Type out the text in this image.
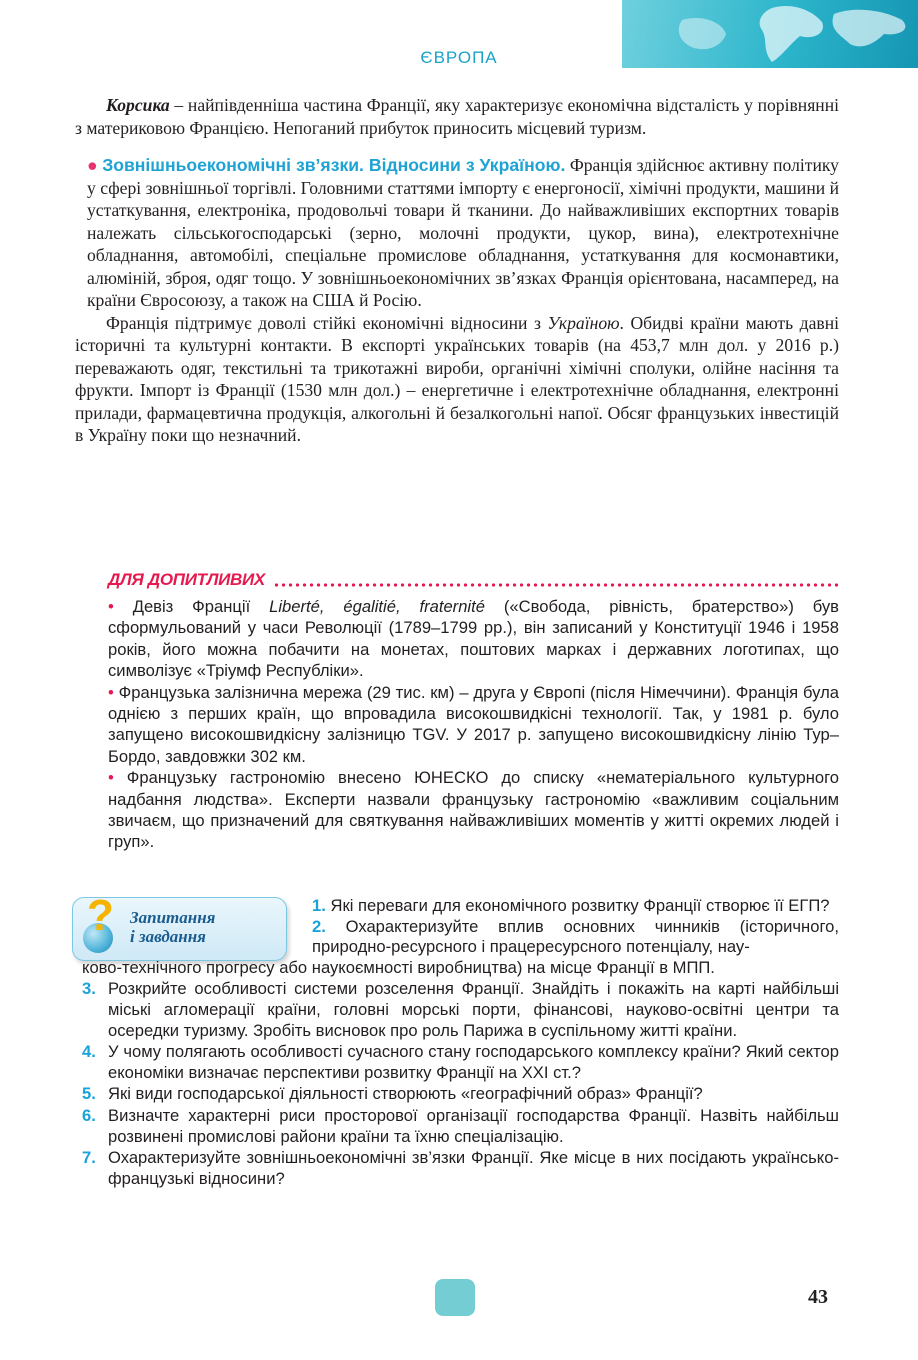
ЄВРОПА

Корсика – найпівденніша частина Франції, яку характеризує економічна відсталість у порівнянні з материковою Францією. Непоганий прибуток приносить місцевий туризм.

● Зовнішньоекономічні зв’язки. Відносини з Україною. Франція здійснює активну політику у сфері зовнішньої торгівлі. Головними статтями імпорту є енергоносії, хімічні продукти, машини й устаткування, електроніка, продовольчі товари й тканини. До найважливіших експортних товарів належать сільськогосподарські (зерно, молочні продукти, цукор, вина), електротехнічне обладнання, автомобілі, спеціальне промислове обладнання, устаткування для космонавтики, алюміній, зброя, одяг тощо. У зовнішньоекономічних зв’язках Франція орієнтована, насамперед, на країни Євросоюзу, а також на США й Росію.

Франція підтримує доволі стійкі економічні відносини з Україною. Обидві країни мають давні історичні та культурні контакти. В експорті українських товарів (на 453,7 млн дол. у 2016 р.) переважають одяг, текстильні та трикотажні вироби, органічні хімічні сполуки, олійне насіння та фрукти. Імпорт із Франції (1530 млн дол.) – енергетичне і електротехнічне обладнання, електронні прилади, фармацевтична продукція, алкогольні й безалкогольні напої. Обсяг французьких інвестицій в Україну поки що незначний.

ДЛЯ ДОПИТЛИВИХ

• Девіз Франції Liberté, égalitié, fraternité («Свобода, рівність, братерство») був сформульований у часи Революції (1789–1799 рр.), він записаний у Конституції 1946 і 1958 років, його можна побачити на монетах, поштових марках і державних логотипах, що символізує «Тріумф Республіки».

• Французька залізнична мережа (29 тис. км) – друга у Європі (після Німеччини). Франція була однією з перших країн, що впровадила високошвидкісні технології. Так, у 1981 р. було запущено високошвидкісну залізницю TGV. У 2017 р. запущено високошвидкісну лінію Тур–Бордо, завдовжки 302 км.

• Французьку гастрономію внесено ЮНЕСКО до списку «нематеріального культурного надбання людства». Експерти назвали французьку гастрономію «важливим соціальним звичаєм, що призначений для святкування найважливіших моментів у житті окремих людей і груп».

? Запитання
і завдання
1. Які переваги для економічного розвитку Франції створює її ЕГП?
2. Охарактеризуйте вплив основних чинників (історичного, природно-ресурсного і працересурсного потенціалу, нау-
ково-технічного прогресу або наукоємності виробництва) на місце Франції в МПП.
3. Розкрийте особливості системи розселення Франції. Знайдіть і покажіть на карті найбільші міські агломерації країни, головні морські порти, фінансові, науково-освітні центри та осередки туризму. Зробіть висновок про роль Парижа в суспільному житті країни.
4. У чому полягають особливості сучасного стану господарського комплексу країни? Який сектор економіки визначає перспективи розвитку Франції на XXI ст.?
5. Які види господарської діяльності створюють «географічний образ» Франції?
6. Визначте характерні риси просторової організації господарства Франції. Назвіть найбільш розвинені промислові райони країни та їхню спеціалізацію.
7. Охарактеризуйте зовнішньоекономічні зв’язки Франції. Яке місце в них посідають українсько-французькі відносини?
43
